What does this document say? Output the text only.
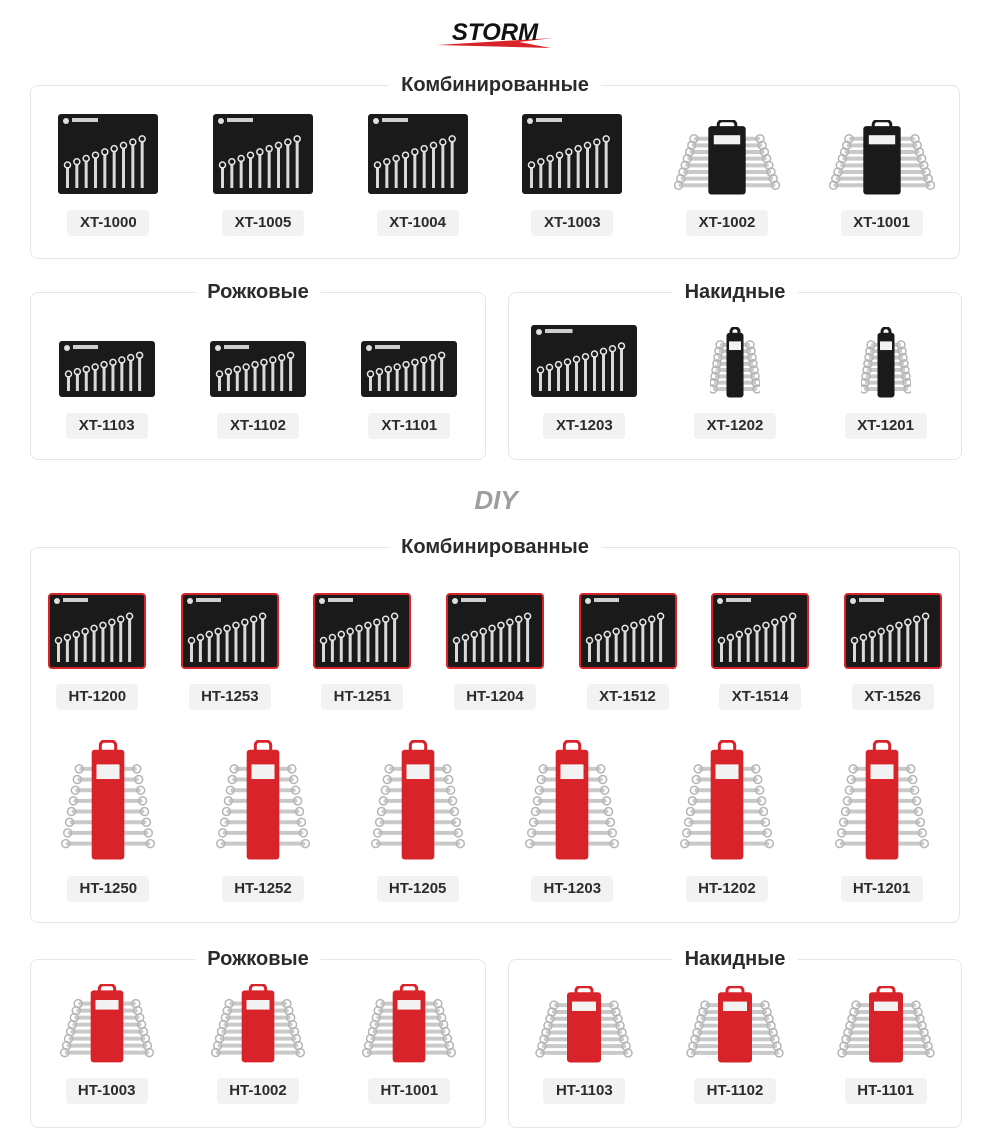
STORM
Комбинированные
XT-1000	XT-1005	XT-1004	XT-1003	XT-1002	XT-1001
Рожковые
XT-1103	XT-1102	XT-1101
Накидные
XT-1203	XT-1202	XT-1201
DIY
Комбинированные
HT-1200	HT-1253	HT-1251	HT-1204	XT-1512	XT-1514	XT-1526
HT-1250	HT-1252	HT-1205	HT-1203	HT-1202	HT-1201
Рожковые
HT-1003	HT-1002	HT-1001
Накидные
HT-1103	HT-1102	HT-1101
